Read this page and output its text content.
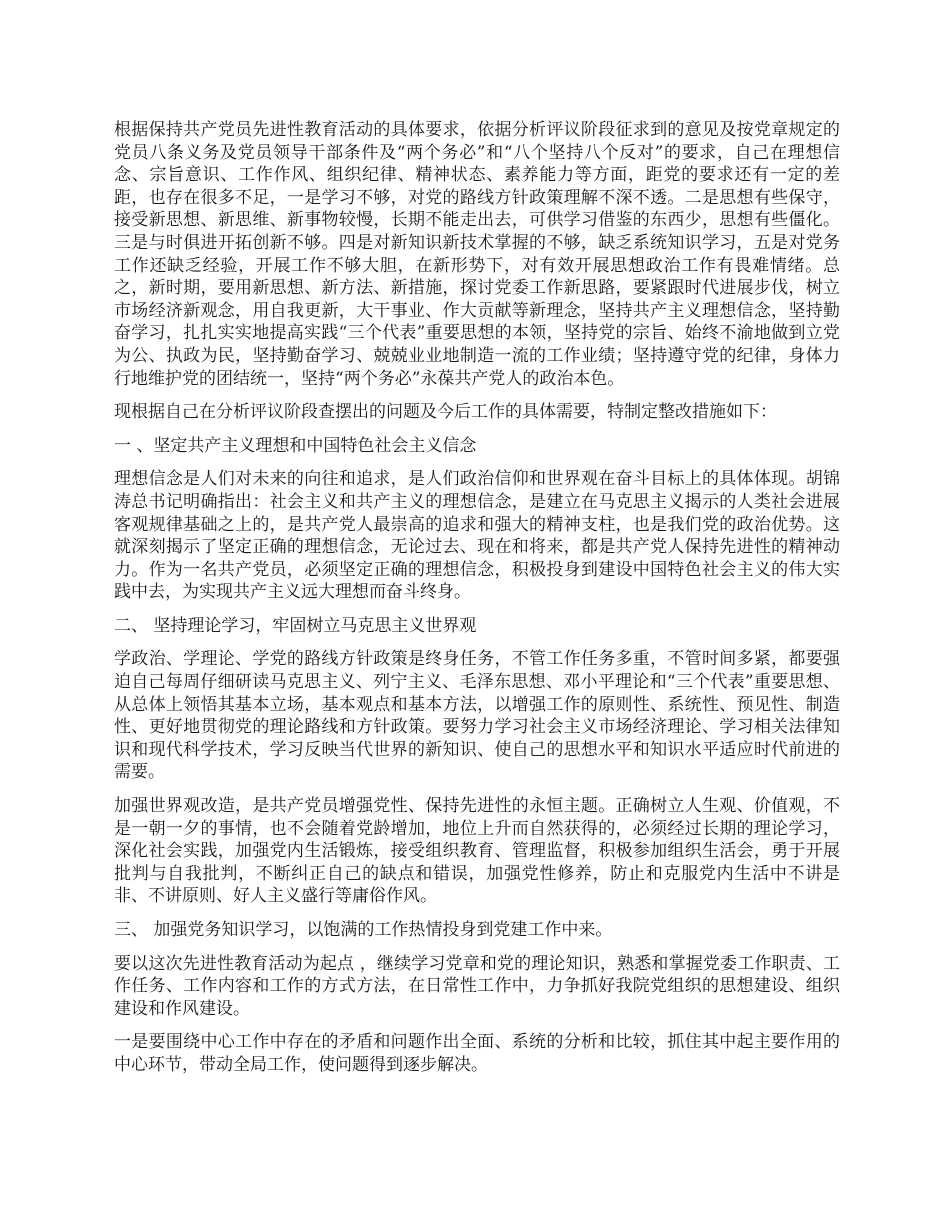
根据保持共产党员先进性教育活动的具体要求，依据分析评议阶段征求到的意见及按党章规定的党员八条义务及党员领导干部条件及“两个务必”和“八个坚持八个反对”的要求，自己在理想信念、宗旨意识、工作作风、组织纪律、精神状态、素养能力等方面，距党的要求还有一定的差距，也存在很多不足，一是学习不够，对党的路线方针政策理解不深不透。二是思想有些保守，接受新思想、新思维、新事物较慢，长期不能走出去，可供学习借鉴的东西少，思想有些僵化。三是与时俱进开拓创新不够。四是对新知识新技术掌握的不够，缺乏系统知识学习，五是对党务工作还缺乏经验，开展工作不够大胆，在新形势下，对有效开展思想政治工作有畏难情绪。总之，新时期，要用新思想、新方法、新措施，探讨党委工作新思路，要紧跟时代进展步伐，树立市场经济新观念，用自我更新，大干事业、作大贡献等新理念，坚持共产主义理想信念，坚持勤奋学习，扎扎实实地提高实践“三个代表”重要思想的本领，坚持党的宗旨、始终不渝地做到立党为公、执政为民，坚持勤奋学习、兢兢业业地制造一流的工作业绩；坚持遵守党的纪律，身体力行地维护党的团结统一，坚持“两个务必”永葆共产党人的政治本色。

现根据自己在分析评议阶段查摆出的问题及今后工作的具体需要，特制定整改措施如下：

一 、坚定共产主义理想和中国特色社会主义信念

理想信念是人们对未来的向往和追求，是人们政治信仰和世界观在奋斗目标上的具体体现。胡锦涛总书记明确指出：社会主义和共产主义的理想信念，是建立在马克思主义揭示的人类社会进展客观规律基础之上的，是共产党人最崇高的追求和强大的精神支柱，也是我们党的政治优势。这就深刻揭示了坚定正确的理想信念，无论过去、现在和将来，都是共产党人保持先进性的精神动力。作为一名共产党员，必须坚定正确的理想信念，积极投身到建设中国特色社会主义的伟大实践中去，为实现共产主义远大理想而奋斗终身。

二、 坚持理论学习，牢固树立马克思主义世界观

学政治、学理论、学党的路线方针政策是终身任务，不管工作任务多重，不管时间多紧，都要强迫自己每周仔细研读马克思主义、列宁主义、毛泽东思想、邓小平理论和“三个代表”重要思想、从总体上领悟其基本立场，基本观点和基本方法，以增强工作的原则性、系统性、预见性、制造性、更好地贯彻党的理论路线和方针政策。要努力学习社会主义市场经济理论、学习相关法律知识和现代科学技术，学习反映当代世界的新知识、使自己的思想水平和知识水平适应时代前进的需要。

加强世界观改造，是共产党员增强党性、保持先进性的永恒主题。正确树立人生观、价值观，不是一朝一夕的事情，也不会随着党龄增加，地位上升而自然获得的，必须经过长期的理论学习，深化社会实践，加强党内生活锻炼，接受组织教育、管理监督，积极参加组织生活会，勇于开展批判与自我批判，不断纠正自己的缺点和错误，加强党性修养，防止和克服党内生活中不讲是非、不讲原则、好人主义盛行等庸俗作风。

三、 加强党务知识学习，以饱满的工作热情投身到党建工作中来。

要以这次先进性教育活动为起点 ，继续学习党章和党的理论知识，熟悉和掌握党委工作职责、工作任务、工作内容和工作的方式方法，在日常性工作中，力争抓好我院党组织的思想建设、组织建设和作风建设。

一是要围绕中心工作中存在的矛盾和问题作出全面、系统的分析和比较，抓住其中起主要作用的中心环节，带动全局工作，使问题得到逐步解决。
